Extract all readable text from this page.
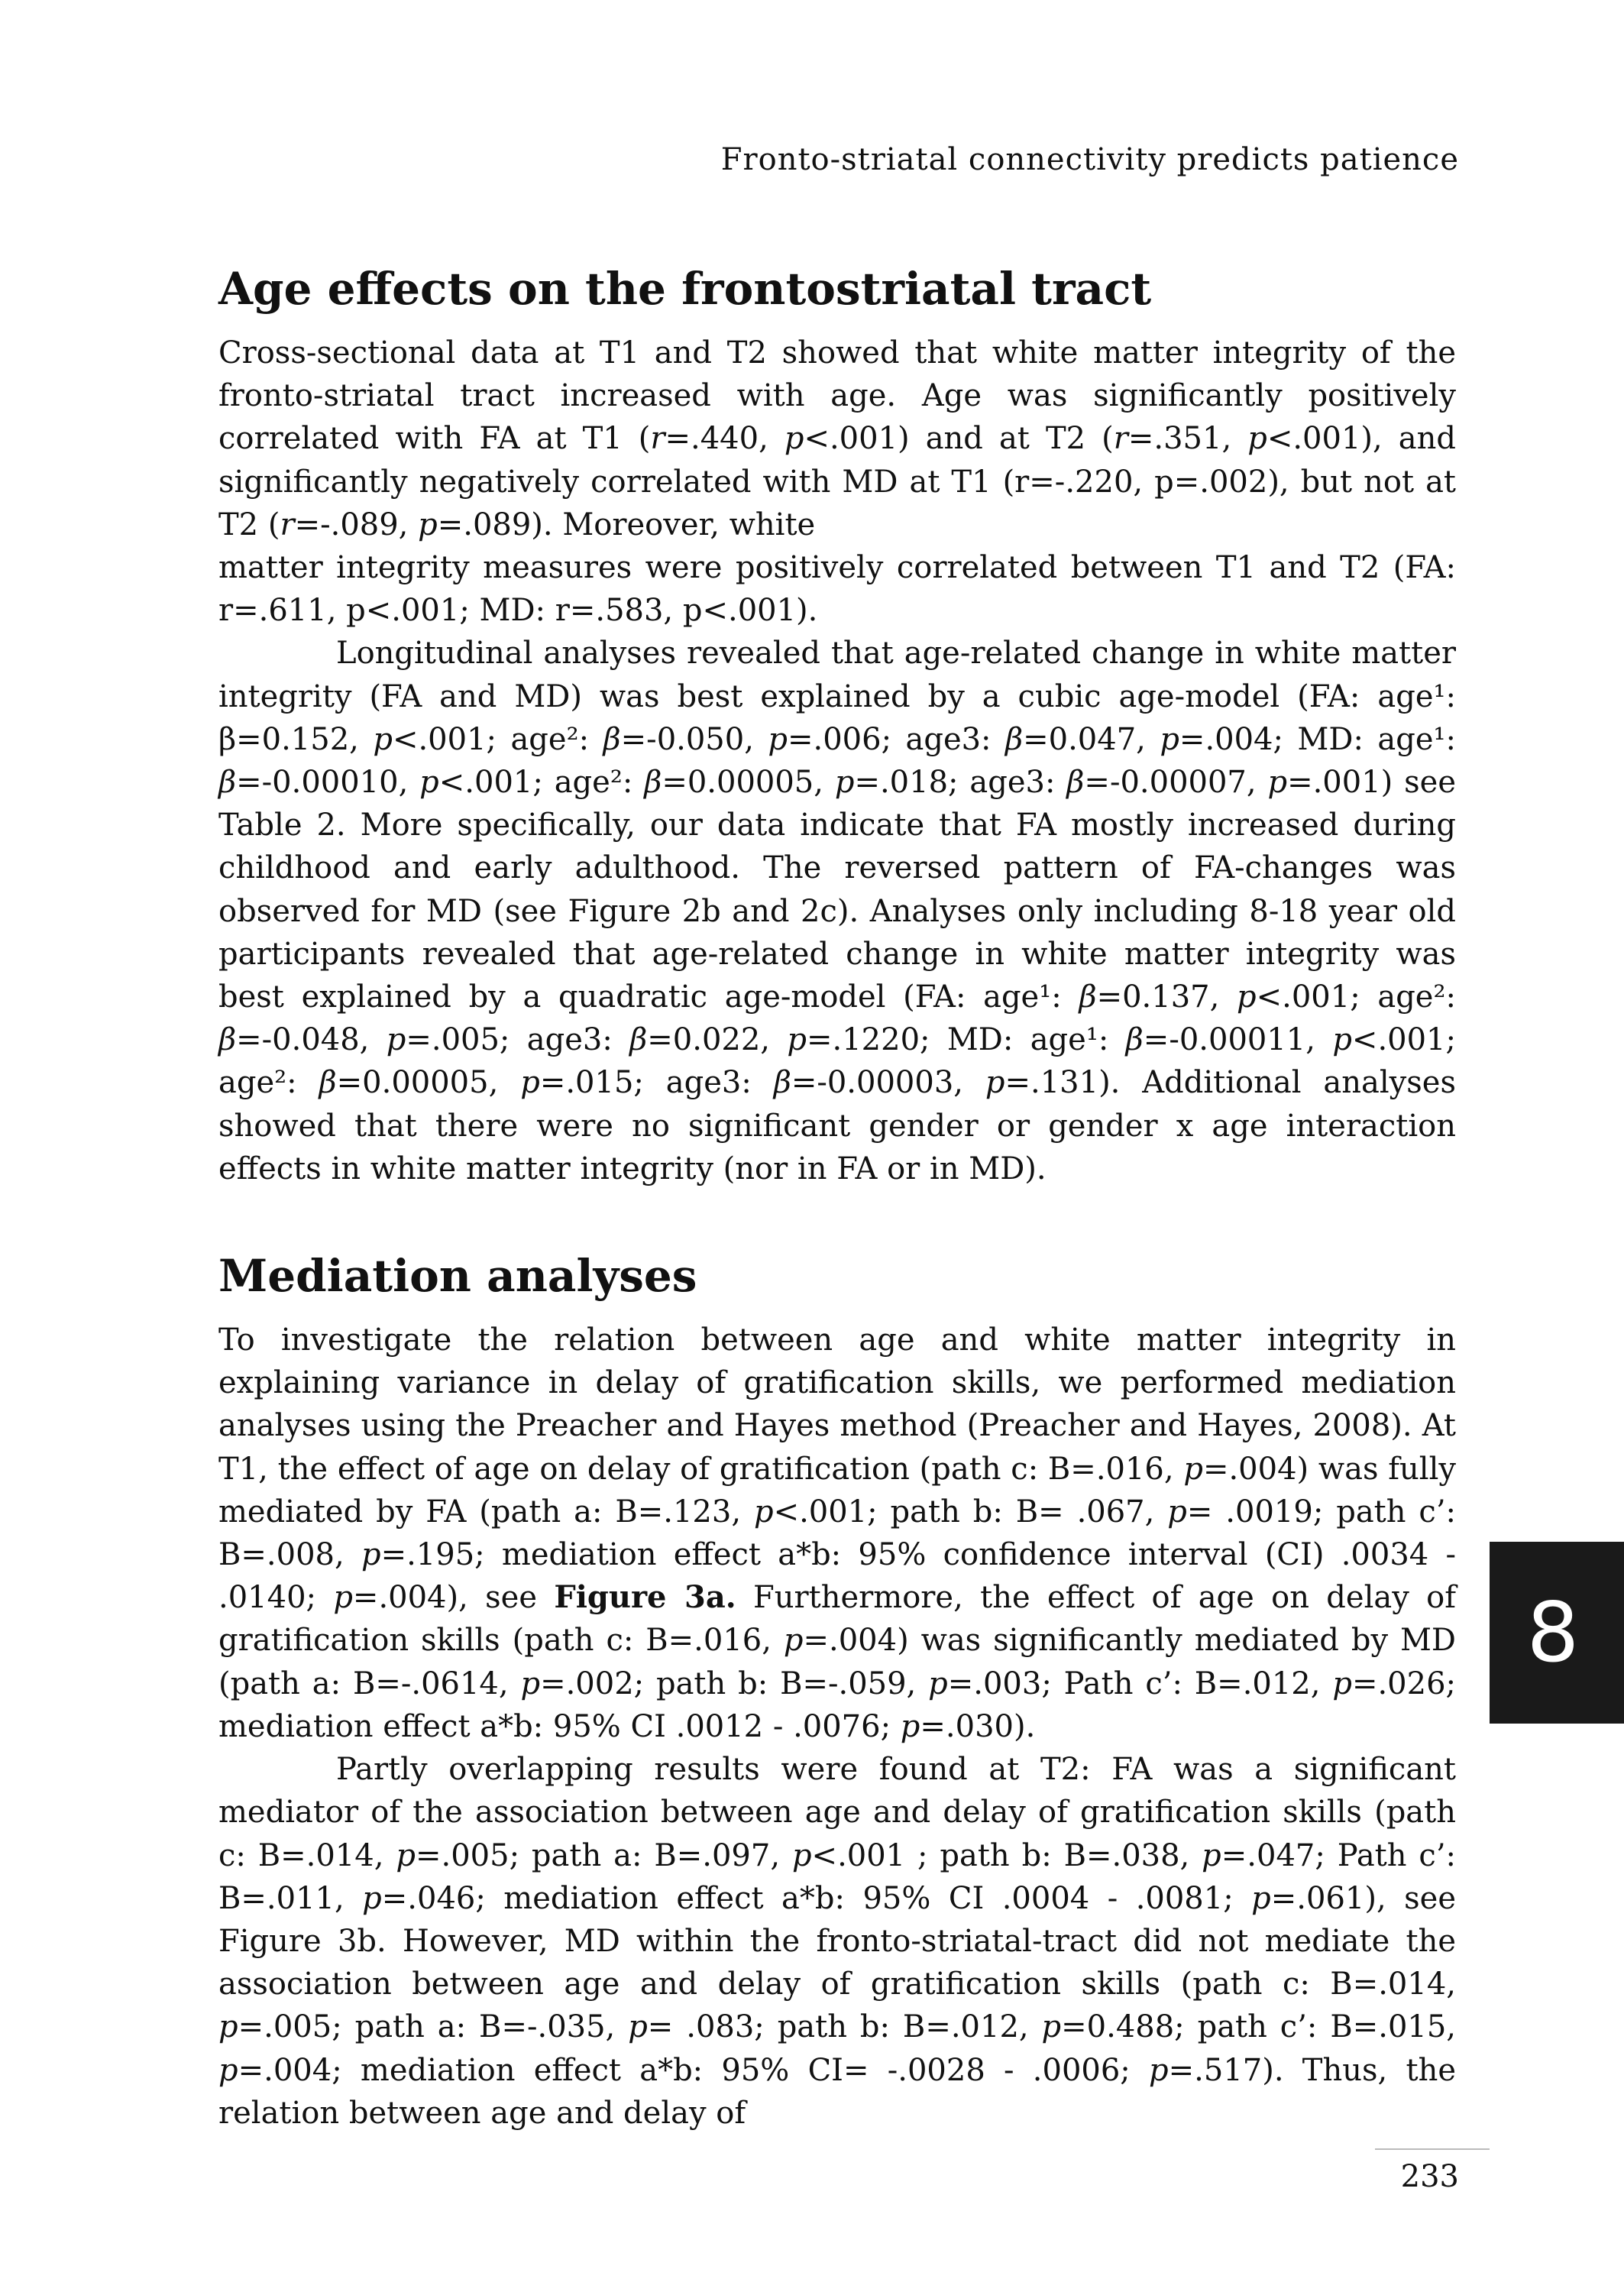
Fronto-striatal connectivity predicts patience
Age effects on the frontostriatal tract

Cross-sectional data at T1 and T2 showed that white matter integrity of the fronto-striatal tract increased with age. Age was significantly positively correlated with FA at T1 (r=.440, p<.001) and at T2 (r=.351, p<.001), and significantly negatively correlated with MD at T1 (r=-.220, p=.002), but not at T2 (r=-.089, p=.089). Moreover, white

matter integrity measures were positively correlated between T1 and T2 (FA: r=.611, p<.001; MD: r=.583, p<.001).

Longitudinal analyses revealed that age-related change in white matter integrity (FA and MD) was best explained by a cubic age-model (FA: age¹: β=0.152, p<.001; age²: β=-0.050, p=.006; age3: β=0.047, p=.004; MD: age¹: β=-0.00010, p<.001; age²: β=0.00005, p=.018; age3: β=-0.00007, p=.001) see Table 2. More specifically, our data indicate that FA mostly increased during childhood and early adulthood. The reversed pattern of FA-changes was observed for MD (see Figure 2b and 2c). Analyses only including 8-18 year old participants revealed that age-related change in white matter integrity was best explained by a quadratic age-model (FA: age¹: β=0.137, p<.001; age²: β=-0.048, p=.005; age3: β=0.022, p=.1220; MD: age¹: β=-0.00011, p<.001; age²: β=0.00005, p=.015; age3: β=-0.00003, p=.131). Additional analyses showed that there were no significant gender or gender x age interaction effects in white matter integrity (nor in FA or in MD).

Mediation analyses

To investigate the relation between age and white matter integrity in explaining variance in delay of gratification skills, we performed mediation analyses using the Preacher and Hayes method (Preacher and Hayes, 2008). At T1, the effect of age on delay of gratification (path c: B=.016, p=.004) was fully mediated by FA (path a: B=.123, p<.001; path b: B= .067, p= .0019; path c’: B=.008, p=.195; mediation effect a*b: 95% confidence interval (CI) .0034 - .0140; p=.004), see Figure 3a. Furthermore, the effect of age on delay of gratification skills (path c: B=.016, p=.004) was significantly mediated by MD (path a: B=-.0614, p=.002; path b: B=-.059, p=.003; Path c’: B=.012, p=.026; mediation effect a*b: 95% CI .0012 - .0076; p=.030).

Partly overlapping results were found at T2: FA was a significant mediator of the association between age and delay of gratification skills (path c: B=.014, p=.005; path a: B=.097, p<.001 ; path b: B=.038, p=.047; Path c’: B=.011, p=.046; mediation effect a*b: 95% CI .0004 - .0081; p=.061), see Figure 3b. However, MD within the fronto-striatal-tract did not mediate the association between age and delay of gratification skills (path c: B=.014, p=.005; path a: B=-.035, p= .083; path b: B=.012, p=0.488; path c’: B=.015, p=.004; mediation effect a*b: 95% CI= -.0028 - .0006; p=.517). Thus, the relation between age and delay of

8
233
